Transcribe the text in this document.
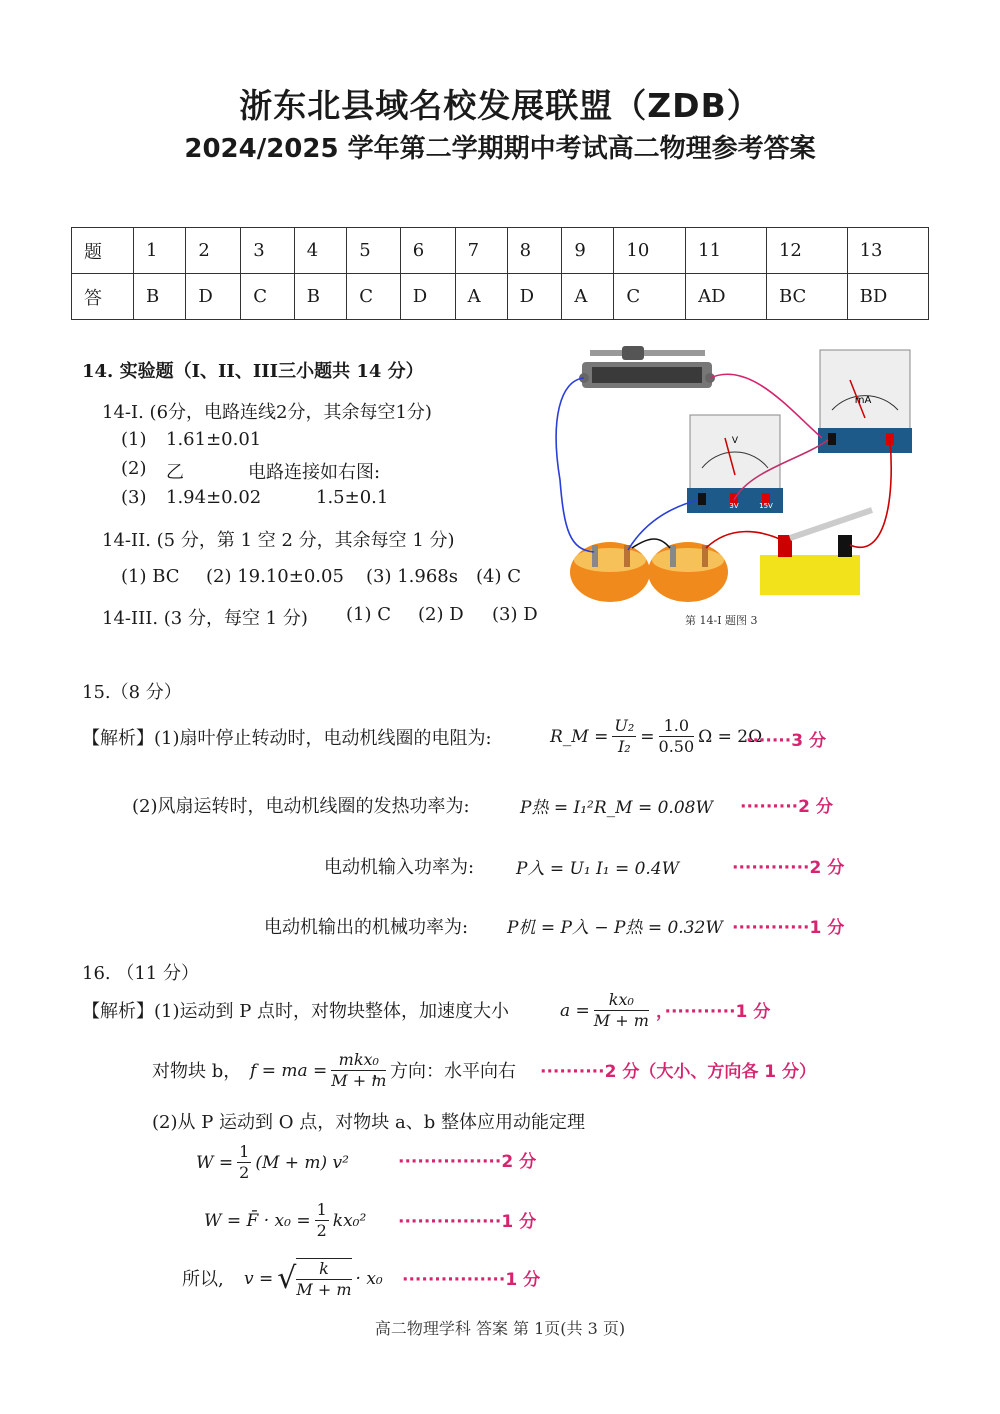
浙东北县域名校发展联盟（ZDB）
2024/2025 学年第二学期期中考试高二物理参考答案
题	1	2	3	4	5	6	7	8	9	10	11	12	13
答	B	D	C	B	C	D	A	D	A	C	AD	BC	BD
14. 实验题（I、II、III三小题共 14 分）
14-I. (6分，电路连线2分，其余每空1分)
(1) 1.61±0.01
(2) 乙	电路连接如右图:
(3) 1.94±0.02	1.5±0.1
14-II. (5 分，第 1 空 2 分，其余每空 1 分)
(1) BC (2) 19.10±0.05 (3) 1.968s (4) C
14-III. (3 分，每空 1 分) (1) C (2) D (3) D
mA
V
3V	15V
第 14-I 题图 3
15.（8 分）
【解析】(1)扇叶停止转动时，电动机线圈的电阻为:	R_M = $\frac{\text{U₂}}{\text{I₂}} = \frac{1.0}{0.50}$ Ω = 2Ω
·······3 分
(2)风扇运转时，电动机线圈的发热功率为:	P热 = I₁²R_M = 0.08W ·········2 分
电动机输入功率为: P入 = U₁ I₁ = 0.4W	············2 分
电动机输出的机械功率为: P机 = P入 − P热 = 0.32W ············1 分
16. （11 分）
【解析】(1)运动到 P 点时，对物块整体，加速度大小	$a = \frac{\text{kx₀}}{M + m}$ ，···········1 分
对物块 b， f = ma = $\frac{\text{mkx₀}}{M + m}$
，方向：水平向右 ··········2 分（大小、方向各 1 分）
(2)从 P 运动到 O 点，对物块 a、b 整体应用动能定理
$W = \frac{1}{2} (M + m)$ v²	················2 分
W = F̄ · $x_0 = \frac{1}{2} kx_0^2 \cdot\cdot\cdot\cdot\cdot\cdot\cdot\cdot\cdot\cdot\cdot\cdot\cdot\cdot\cdot\cdot 1$ 分
所以, v = √ $\frac{k}{M + m} \cdot x_0 \cdot\cdot\cdot\cdot\cdot\cdot\cdot\cdot\cdot\cdot\cdot\cdot\cdot\cdot\cdot\cdot 1$ 分
高二物理学科 答案 第 1页(共 3 页)
